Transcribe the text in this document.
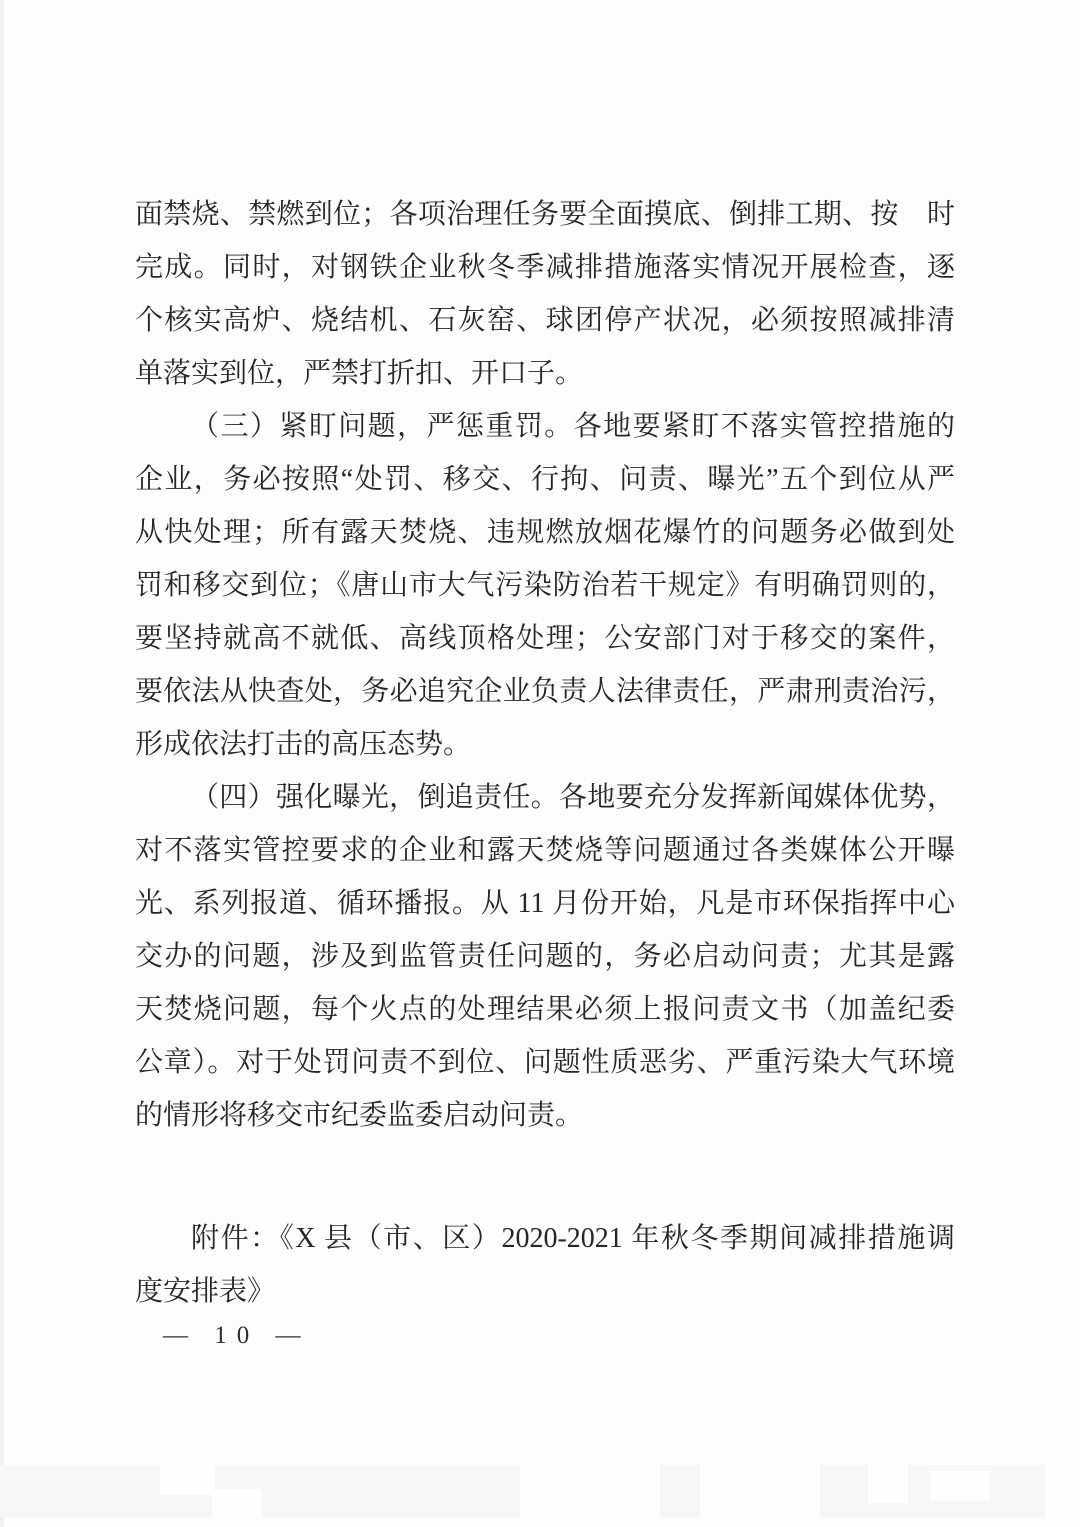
面禁烧、禁燃到位；各项治理任务要全面摸底、倒排工期、按　时
完成。同时，对钢铁企业秋冬季减排措施落实情况开展检查，逐
个核实高炉、烧结机、石灰窑、球团停产状况，必须按照减排清
单落实到位，严禁打折扣、开口子。
（三）紧盯问题，严惩重罚。各地要紧盯不落实管控措施的
企业，务必按照“处罚、移交、行拘、问责、曝光”五个到位从严
从快处理；所有露天焚烧、违规燃放烟花爆竹的问题务必做到处
罚和移交到位；《唐山市大气污染防治若干规定》有明确罚则的，
要坚持就高不就低、高线顶格处理；公安部门对于移交的案件，
要依法从快查处，务必追究企业负责人法律责任，严肃刑责治污，
形成依法打击的高压态势。
（四）强化曝光，倒追责任。各地要充分发挥新闻媒体优势，
对不落实管控要求的企业和露天焚烧等问题通过各类媒体公开曝
光、系列报道、循环播报。从 11 月份开始，凡是市环保指挥中心
交办的问题，涉及到监管责任问题的，务必启动问责；尤其是露
天焚烧问题，每个火点的处理结果必须上报问责文书（加盖纪委
公章）。对于处罚问责不到位、问题性质恶劣、严重污染大气环境
的情形将移交市纪委监委启动问责。
附件：《X 县（市、区）2020-2021 年秋冬季期间减排措施调
度安排表》
— 10 —
